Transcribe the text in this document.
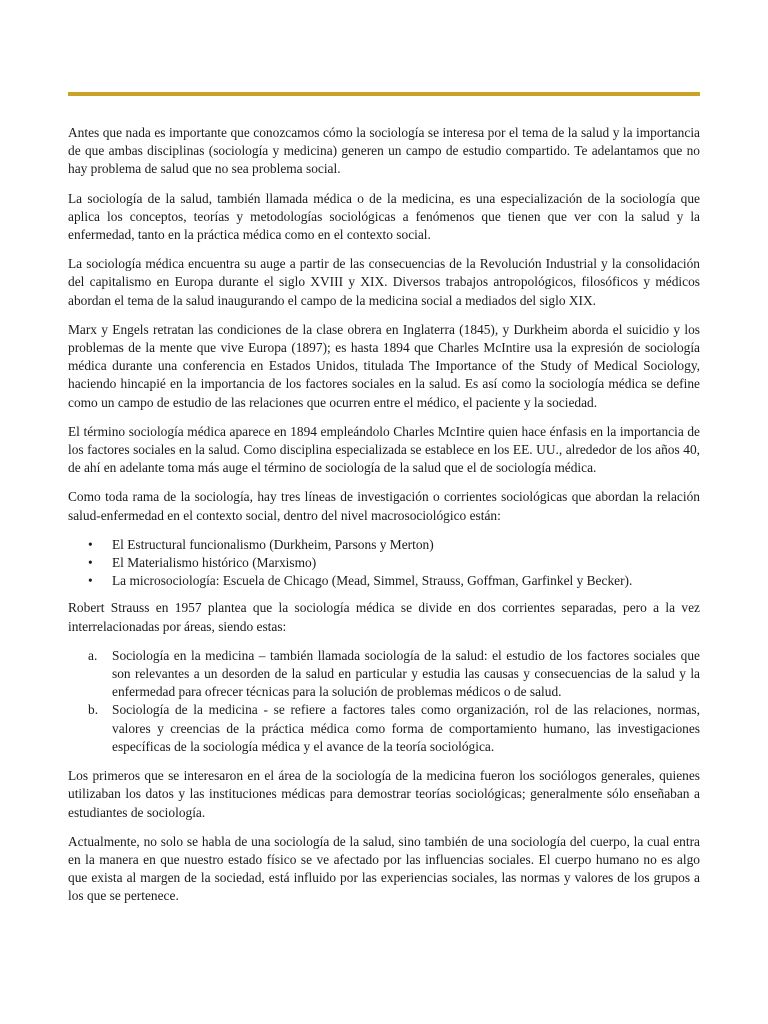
Antes que nada es importante que conozcamos cómo la sociología se interesa por el tema de la salud y la importancia de que ambas disciplinas (sociología y medicina) generen un campo de estudio compartido. Te adelantamos que no hay problema de salud que no sea problema social.

La sociología de la salud, también llamada médica o de la medicina, es una especialización de la sociología que aplica los conceptos, teorías y metodologías sociológicas a fenómenos que tienen que ver con la salud y la enfermedad, tanto en la práctica médica como en el contexto social.

La sociología médica encuentra su auge a partir de las consecuencias de la Revolución Industrial y la consolidación del capitalismo en Europa durante el siglo XVIII y XIX. Diversos trabajos antropológicos, filosóficos y médicos abordan el tema de la salud inaugurando el campo de la medicina social a mediados del siglo XIX.

Marx y Engels retratan las condiciones de la clase obrera en Inglaterra (1845), y Durkheim aborda el suicidio y los problemas de la mente que vive Europa (1897); es hasta 1894 que Charles McIntire usa la expresión de sociología médica durante una conferencia en Estados Unidos, titulada The Importance of the Study of Medical Sociology, haciendo hincapié en la importancia de los factores sociales en la salud. Es así como la sociología médica se define como un campo de estudio de las relaciones que ocurren entre el médico, el paciente y la sociedad.

El término sociología médica aparece en 1894 empleándolo Charles McIntire quien hace énfasis en la importancia de los factores sociales en la salud. Como disciplina especializada se establece en los EE. UU., alrededor de los años 40, de ahí en adelante toma más auge el término de sociología de la salud que el de sociología médica.

Como toda rama de la sociología, hay tres líneas de investigación o corrientes sociológicas que abordan la relación salud-enfermedad en el contexto social, dentro del nivel macrosociológico están:

• El Estructural funcionalismo (Durkheim, Parsons y Merton)
• El Materialismo histórico (Marxismo)
• La microsociología: Escuela de Chicago (Mead, Simmel, Strauss, Goffman, Garfinkel y Becker).

Robert Strauss en 1957 plantea que la sociología médica se divide en dos corrientes separadas, pero a la vez interrelacionadas por áreas, siendo estas:

a. Sociología en la medicina – también llamada sociología de la salud: el estudio de los factores sociales que son relevantes a un desorden de la salud en particular y estudia las causas y consecuencias de la salud y la enfermedad para ofrecer técnicas para la solución de problemas médicos o de salud.
b. Sociología de la medicina - se refiere a factores tales como organización, rol de las relaciones, normas, valores y creencias de la práctica médica como forma de comportamiento humano, las investigaciones específicas de la sociología médica y el avance de la teoría sociológica.

Los primeros que se interesaron en el área de la sociología de la medicina fueron los sociólogos generales, quienes utilizaban los datos y las instituciones médicas para demostrar teorías sociológicas; generalmente sólo enseñaban a estudiantes de sociología.

Actualmente, no solo se habla de una sociología de la salud, sino también de una sociología del cuerpo, la cual entra en la manera en que nuestro estado físico se ve afectado por las influencias sociales. El cuerpo humano no es algo que exista al margen de la sociedad, está influido por las experiencias sociales, las normas y valores de los grupos a los que se pertenece.
